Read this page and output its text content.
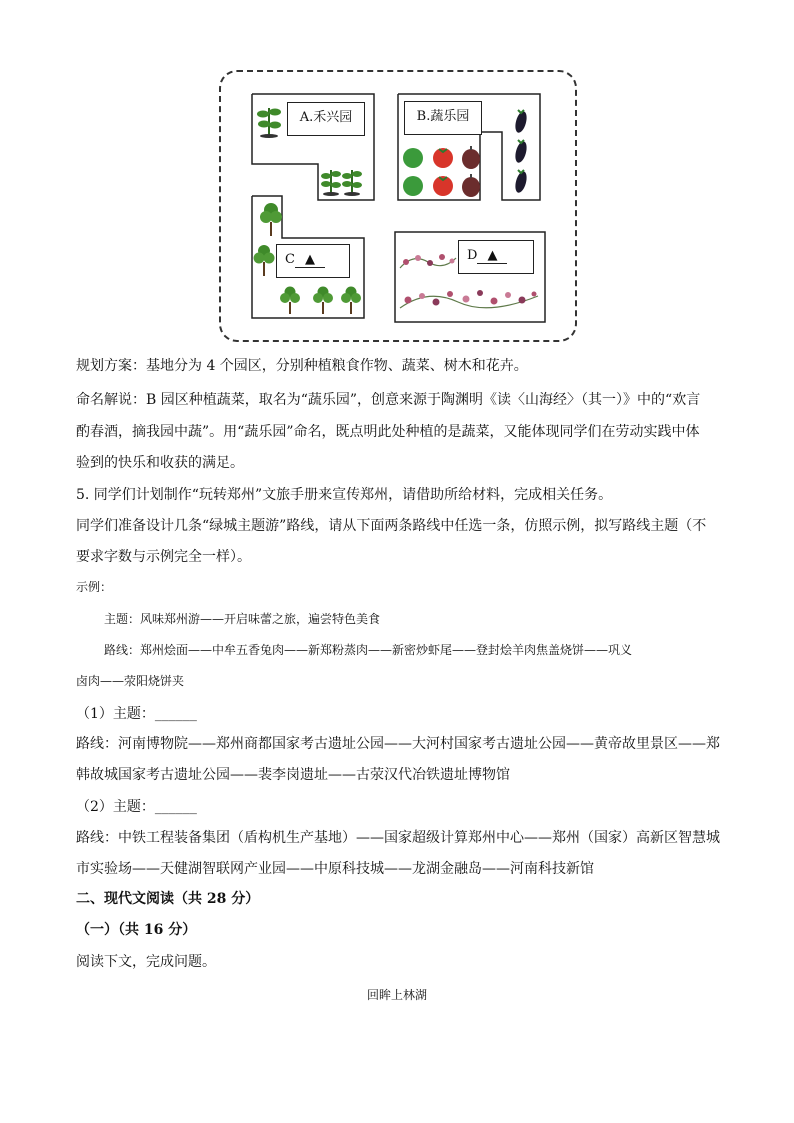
A.禾兴园	B.蔬乐园
C ▲	D ▲
规划方案：基地分为 4 个园区，分别种植粮食作物、蔬菜、树木和花卉。
命名解说：B 园区种植蔬菜，取名为“蔬乐园”，创意来源于陶渊明《读〈山海经〉（其一）》中的“欢言
酌春酒，摘我园中蔬”。用“蔬乐园”命名，既点明此处种植的是蔬菜，又能体现同学们在劳动实践中体
验到的快乐和收获的满足。
5. 同学们计划制作“玩转郑州”文旅手册来宣传郑州，请借助所给材料，完成相关任务。
同学们准备设计几条“绿城主题游”路线，请从下面两条路线中任选一条，仿照示例，拟写路线主题（不
要求字数与示例完全一样）。
示例：
主题：风味郑州游——开启味蕾之旅，遍尝特色美食
路线：郑州烩面——中牟五香兔肉——新郑粉蒸肉——新密炒虾尾——登封烩羊肉焦盖烧饼——巩义
卤肉——荥阳烧饼夹
（1）主题：______
路线：河南博物院——郑州商都国家考古遗址公园——大河村国家考古遗址公园——黄帝故里景区——郑
韩故城国家考古遗址公园——裴李岗遗址——古荥汉代冶铁遗址博物馆
（2）主题：______
路线：中铁工程装备集团（盾构机生产基地）——国家超级计算郑州中心——郑州（国家）高新区智慧城
市实验场——天健湖智联网产业园——中原科技城——龙湖金融岛——河南科技新馆
二、现代文阅读（共 28 分）
（一）（共 16 分）
阅读下文，完成问题。
回眸上林湖
